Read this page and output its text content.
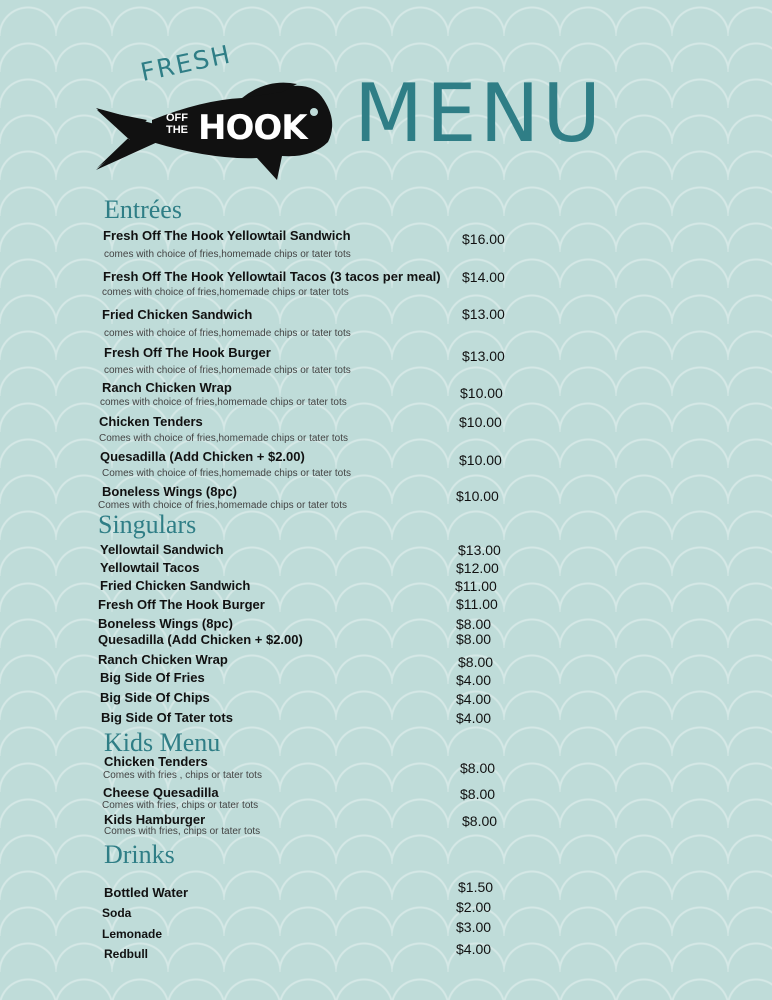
FRESH
OFF
THE HOOK MENU
Entrées
Fresh Off The Hook Yellowtail Sandwich
comes with choice of fries,homemade chips or tater tots
$16.00
Fresh Off The Hook Yellowtail Tacos (3 tacos per meal)
comes with choice of fries,homemade chips or tater tots
$14.00
Fried Chicken Sandwich
comes with choice of fries,homemade chips or tater tots
$13.00
Fresh Off The Hook Burger
comes with choice of fries,homemade chips or tater tots
$13.00
Ranch Chicken Wrap
comes with choice of fries,homemade chips or tater tots
$10.00
Chicken Tenders
Comes with choice of fries,homemade chips or tater tots
$10.00
Quesadilla (Add Chicken + $2.00)
Comes with choice of fries,homemade chips or tater tots
$10.00
Boneless Wings (8pc)
Comes with choice of fries,homemade chips or tater tots
$10.00
Singulars
Yellowtail Sandwich	$13.00
Yellowtail Tacos	$12.00
Fried Chicken Sandwich	$11.00
Fresh Off The Hook Burger	$11.00
Boneless Wings (8pc)	$8.00
Quesadilla (Add Chicken + $2.00)	$8.00
Ranch Chicken Wrap	$8.00
Big Side Of Fries	$4.00
Big Side Of Chips	$4.00
Big Side Of Tater tots	$4.00
Kids Menu
Chicken Tenders
Comes with fries , chips or tater tots	$8.00
Cheese Quesadilla
Comes with fries, chips or tater tots
$8.00
Kids Hamburger
Comes with fries, chips or tater tots
$8.00
Drinks
Bottled Water	$1.50
Soda	$2.00
Lemonade	$3.00
Redbull	$4.00
